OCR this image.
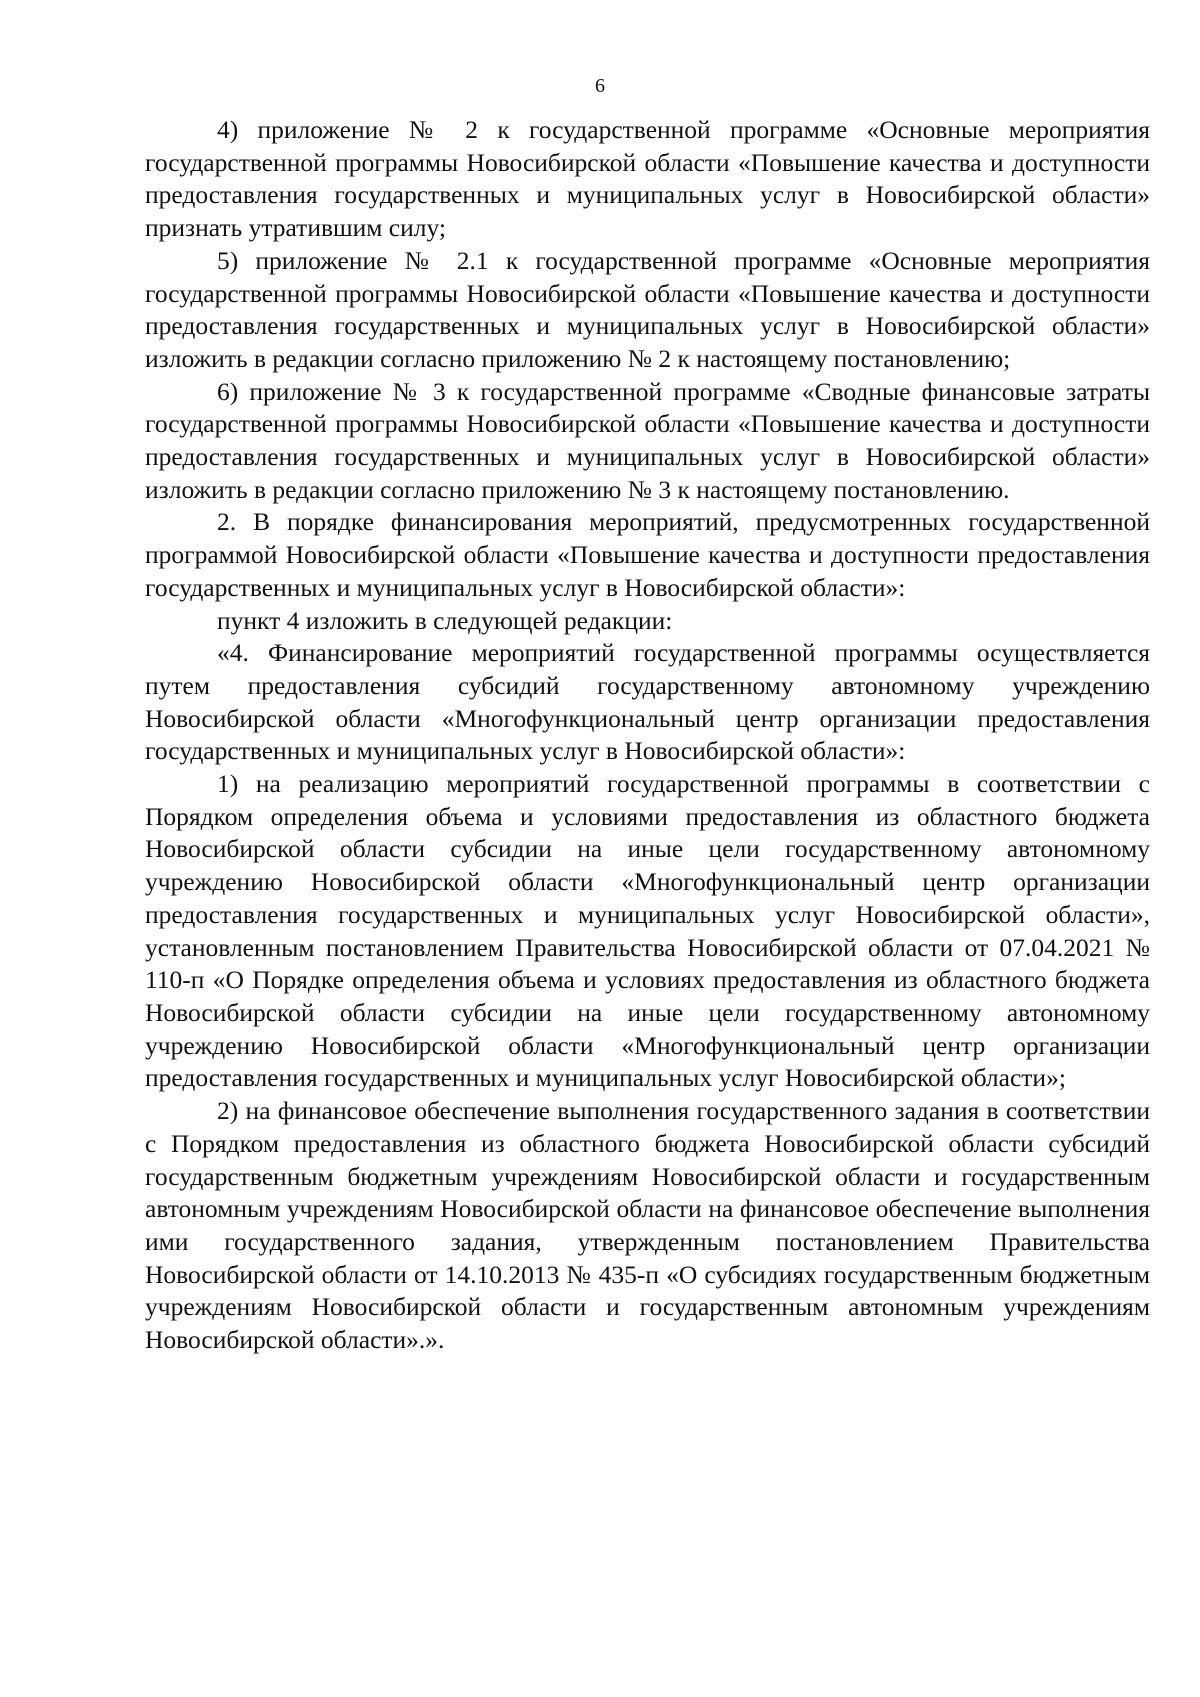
6

4) приложение № 2 к государственной программе «Основные мероприятия государственной программы Новосибирской области «Повышение качества и доступности предоставления государственных и муниципальных услуг в Новосибирской области» признать утратившим силу;

5) приложение № 2.1 к государственной программе «Основные мероприятия государственной программы Новосибирской области «Повышение качества и доступности предоставления государственных и муниципальных услуг в Новосибирской области» изложить в редакции согласно приложению № 2 к настоящему постановлению;

6) приложение № 3 к государственной программе «Сводные финансовые затраты государственной программы Новосибирской области «Повышение качества и доступности предоставления государственных и муниципальных услуг в Новосибирской области» изложить в редакции согласно приложению № 3 к настоящему постановлению.

2. В порядке финансирования мероприятий, предусмотренных государственной программой Новосибирской области «Повышение качества и доступности предоставления государственных и муниципальных услуг в Новосибирской области»:

пункт 4 изложить в следующей редакции:

«4. Финансирование мероприятий государственной программы осуществляется путем предоставления субсидий государственному автономному учреждению Новосибирской области «Многофункциональный центр организации предоставления государственных и муниципальных услуг в Новосибирской области»:

1) на реализацию мероприятий государственной программы в соответствии с Порядком определения объема и условиями предоставления из областного бюджета Новосибирской области субсидии на иные цели государственному автономному учреждению Новосибирской области «Многофункциональный центр организации предоставления государственных и муниципальных услуг Новосибирской области», установленным постановлением Правительства Новосибирской области от 07.04.2021 № 110-п «О Порядке определения объема и условиях предоставления из областного бюджета Новосибирской области субсидии на иные цели государственному автономному учреждению Новосибирской области «Многофункциональный центр организации предоставления государственных и муниципальных услуг Новосибирской области»;

2) на финансовое обеспечение выполнения государственного задания в соответствии с Порядком предоставления из областного бюджета Новосибирской области субсидий государственным бюджетным учреждениям Новосибирской области и государственным автономным учреждениям Новосибирской области на финансовое обеспечение выполнения ими государственного задания, утвержденным постановлением Правительства Новосибирской области от 14.10.2013 № 435-п «О субсидиях государственным бюджетным учреждениям Новосибирской области и государственным автономным учреждениям Новосибирской области».».
